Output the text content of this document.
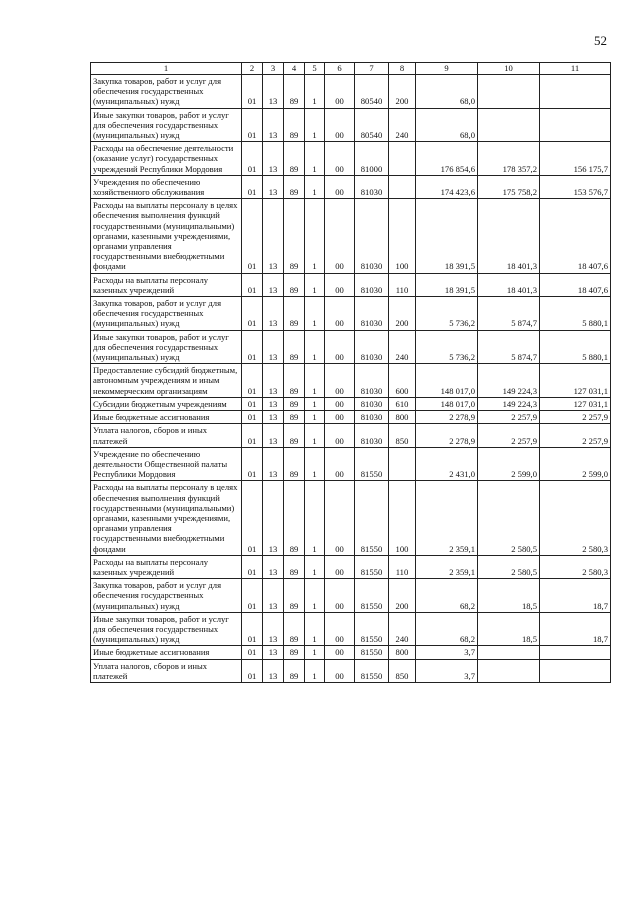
52
1	2	3	4	5	6	7	8	9	10	11
Закупка товаров, работ и услуг для обеспечения государственных (муниципальных) нужд	01	13	89	1	00	80540	200	68,0		
Иные закупки товаров, работ и услуг для обеспечения государственных (муниципальных) нужд	01	13	89	1	00	80540	240	68,0		
Расходы на обеспечение деятельности (оказание услуг) государственных учреждений Республики Мордовия	01	13	89	1	00	81000		176 854,6	178 357,2	156 175,7
Учреждения по обеспечению хозяйственного обслуживания	01	13	89	1	00	81030		174 423,6	175 758,2	153 576,7
Расходы на выплаты персоналу в целях обеспечения выполнения функций государственными (муниципальными) органами, казенными учреждениями, органами управления государственными внебюджетными фондами	01	13	89	1	00	81030	100	18 391,5	18 401,3	18 407,6
Расходы на выплаты персоналу казенных учреждений	01	13	89	1	00	81030	110	18 391,5	18 401,3	18 407,6
Закупка товаров, работ и услуг для обеспечения государственных (муниципальных) нужд	01	13	89	1	00	81030	200	5 736,2	5 874,7	5 880,1
Иные закупки товаров, работ и услуг для обеспечения государственных (муниципальных) нужд	01	13	89	1	00	81030	240	5 736,2	5 874,7	5 880,1
Предоставление субсидий бюджетным, автономным учреждениям и иным некоммерческим организациям	01	13	89	1	00	81030	600	148 017,0	149 224,3	127 031,1
Субсидии бюджетным учреждениям	01	13	89	1	00	81030	610	148 017,0	149 224,3	127 031,1
Иные бюджетные ассигнования	01	13	89	1	00	81030	800	2 278,9	2 257,9	2 257,9
Уплата налогов, сборов и иных платежей	01	13	89	1	00	81030	850	2 278,9	2 257,9	2 257,9
Учреждение по обеспечению деятельности Общественной палаты Республики Мордовия	01	13	89	1	00	81550		2 431,0	2 599,0	2 599,0
Расходы на выплаты персоналу в целях обеспечения выполнения функций государственными (муниципальными) органами, казенными учреждениями, органами управления государственными внебюджетными фондами	01	13	89	1	00	81550	100	2 359,1	2 580,5	2 580,3
Расходы на выплаты персоналу казенных учреждений	01	13	89	1	00	81550	110	2 359,1	2 580,5	2 580,3
Закупка товаров, работ и услуг для обеспечения государственных (муниципальных) нужд	01	13	89	1	00	81550	200	68,2	18,5	18,7
Иные закупки товаров, работ и услуг для обеспечения государственных (муниципальных) нужд	01	13	89	1	00	81550	240	68,2	18,5	18,7
Иные бюджетные ассигнования	01	13	89	1	00	81550	800	3,7		
Уплата налогов, сборов и иных платежей	01	13	89	1	00	81550	850	3,7		
